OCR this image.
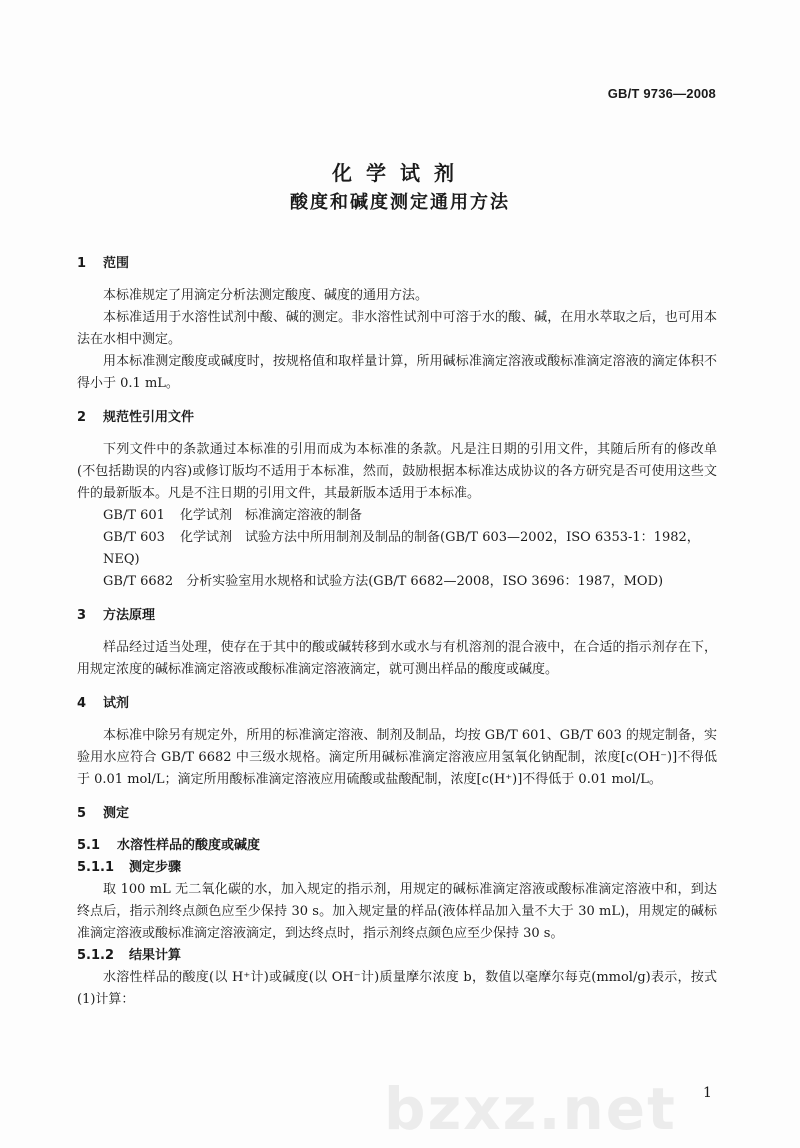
GB/T 9736—2008
化学试剂
酸度和碱度测定通用方法
1 范围

本标准规定了用滴定分析法测定酸度、碱度的通用方法。

本标准适用于水溶性试剂中酸、碱的测定。非水溶性试剂中可溶于水的酸、碱，在用水萃取之后，也可用本法在水相中测定。

用本标准测定酸度或碱度时，按规格值和取样量计算，所用碱标准滴定溶液或酸标准滴定溶液的滴定体积不得小于 0.1 mL。

2 规范性引用文件

下列文件中的条款通过本标准的引用而成为本标准的条款。凡是注日期的引用文件，其随后所有的修改单(不包括勘误的内容)或修订版均不适用于本标准，然而，鼓励根据本标准达成协议的各方研究是否可使用这些文件的最新版本。凡是不注日期的引用文件，其最新版本适用于本标准。

GB/T 601　 化学试剂　标准滴定溶液的制备

GB/T 603　 化学试剂　试验方法中所用制剂及制品的制备(GB/T 603—2002，ISO 6353-1：1982，NEQ)

GB/T 6682　 分析实验室用水规格和试验方法(GB/T 6682—2008，ISO 3696：1987，MOD)

3 方法原理

样品经过适当处理，使存在于其中的酸或碱转移到水或水与有机溶剂的混合液中，在合适的指示剂存在下，用规定浓度的碱标准滴定溶液或酸标准滴定溶液滴定，就可测出样品的酸度或碱度。

4 试剂

本标准中除另有规定外，所用的标准滴定溶液、制剂及制品，均按 GB/T 601、GB/T 603 的规定制备，实验用水应符合 GB/T 6682 中三级水规格。滴定所用碱标准滴定溶液应用氢氧化钠配制，浓度[c(OH⁻)]不得低于 0.01 mol/L；滴定所用酸标准滴定溶液应用硫酸或盐酸配制，浓度[c(H⁺)]不得低于 0.01 mol/L。

5 测定
5.1 水溶性样品的酸度或碱度
5.1.1 测定步骤

取 100 mL 无二氧化碳的水，加入规定的指示剂，用规定的碱标准滴定溶液或酸标准滴定溶液中和，到达终点后，指示剂终点颜色应至少保持 30 s。加入规定量的样品(液体样品加入量不大于 30 mL)，用规定的碱标准滴定溶液或酸标准滴定溶液滴定，到达终点时，指示剂终点颜色应至少保持 30 s。

5.1.2 结果计算

水溶性样品的酸度(以 H⁺计)或碱度(以 OH⁻计)质量摩尔浓度 b，数值以毫摩尔每克(mmol/g)表示，按式(1)计算：

bzxz.net 1
